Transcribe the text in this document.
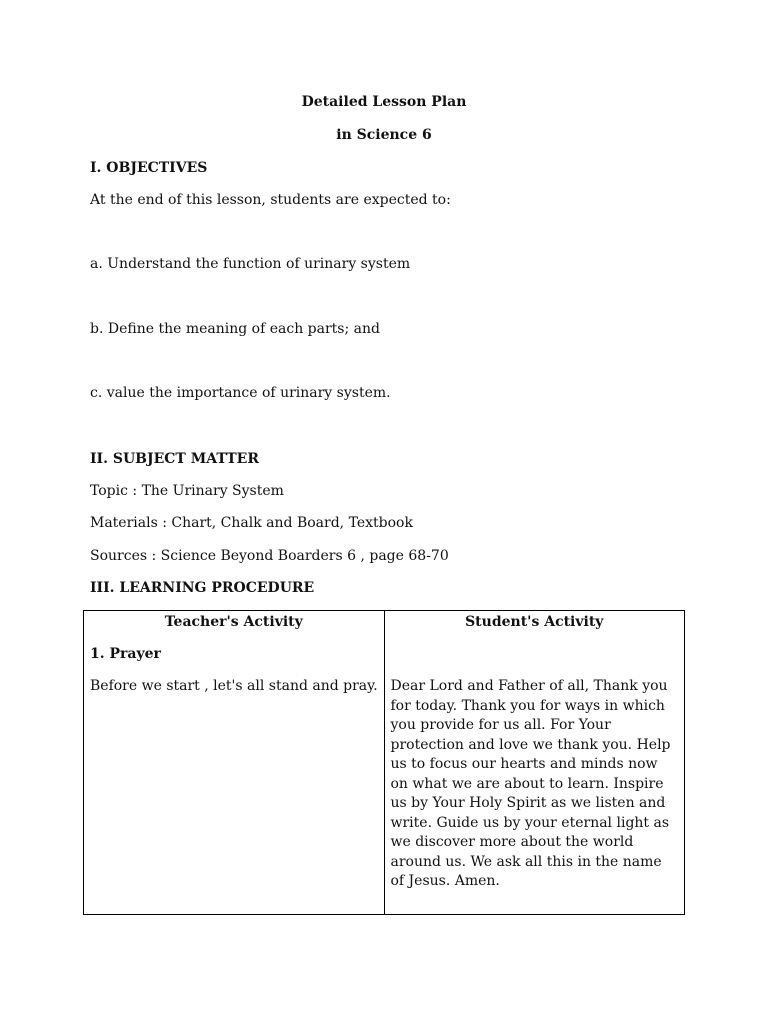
Detailed Lesson Plan
in Science 6
I. OBJECTIVES
At the end of this lesson, students are expected to:
a. Understand the function of urinary system
b. Define the meaning of each parts; and
c. value the importance of urinary system.
II. SUBJECT MATTER
Topic : The Urinary System
Materials : Chart, Chalk and Board, Textbook
Sources : Science Beyond Boarders 6 , page 68-70
III. LEARNING PROCEDURE
Teacher's Activity
1. Prayer
Before we start , let's all stand and pray.
Student's Activity
Dear Lord and Father of all, Thank you for today. Thank you for ways in which you provide for us all. For Your protection and love we thank you. Help us to focus our hearts and minds now on what we are about to learn. Inspire us by Your Holy Spirit as we listen and write. Guide us by your eternal light as we discover more about the world around us. We ask all this in the name of Jesus. Amen.
